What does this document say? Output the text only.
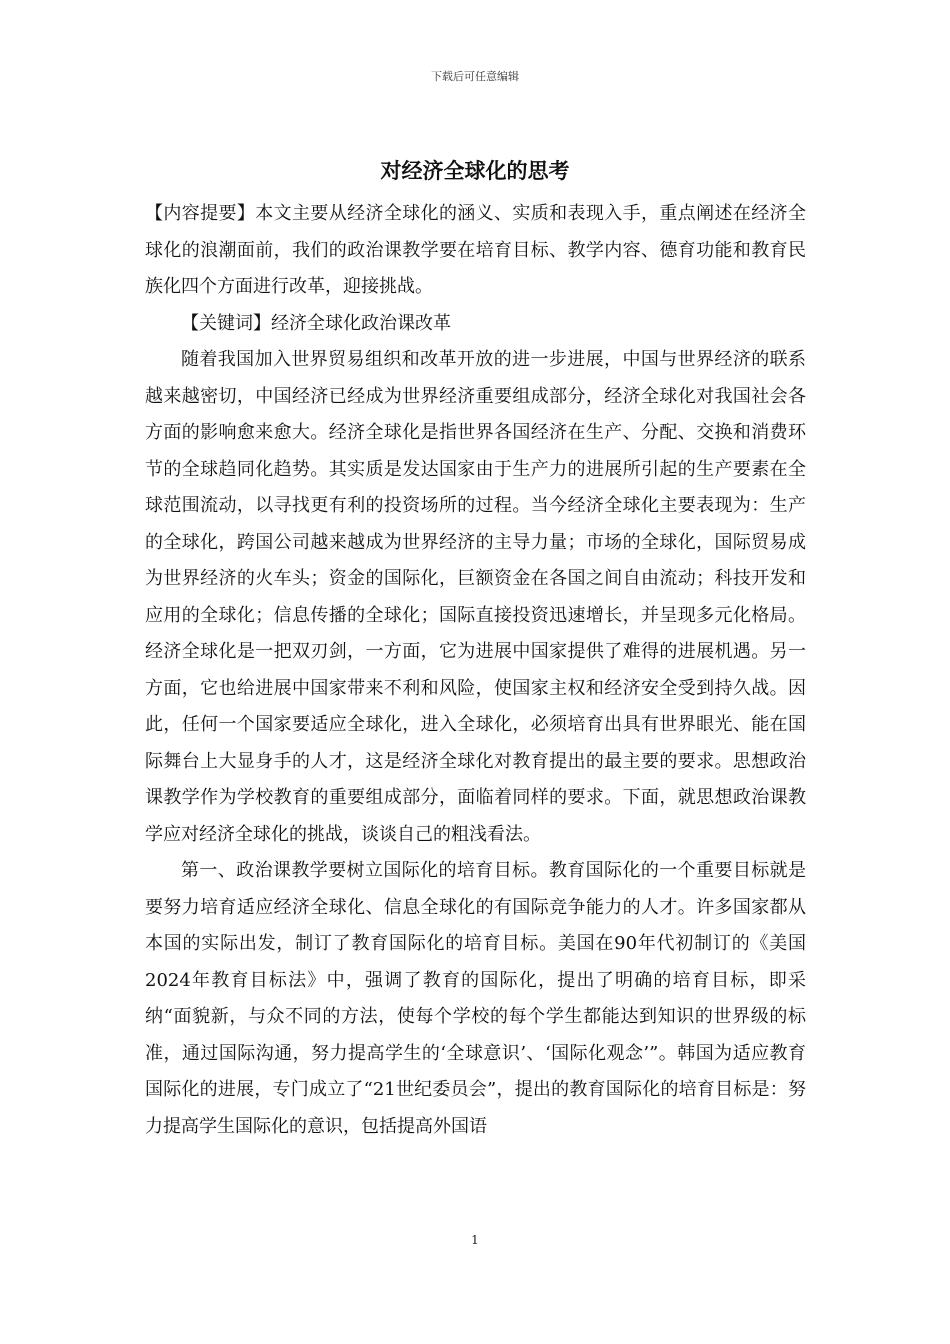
下载后可任意编辑
对经济全球化的思考

【内容提要】本文主要从经济全球化的涵义、实质和表现入手，重点阐述在经济全球化的浪潮面前，我们的政治课教学要在培育目标、教学内容、德育功能和教育民族化四个方面进行改革，迎接挑战。

【关键词】经济全球化政治课改革

随着我国加入世界贸易组织和改革开放的进一步进展，中国与世界经济的联系越来越密切，中国经济已经成为世界经济重要组成部分，经济全球化对我国社会各方面的影响愈来愈大。经济全球化是指世界各国经济在生产、分配、交换和消费环节的全球趋同化趋势。其实质是发达国家由于生产力的进展所引起的生产要素在全球范围流动，以寻找更有利的投资场所的过程。当今经济全球化主要表现为：生产的全球化，跨国公司越来越成为世界经济的主导力量；市场的全球化，国际贸易成为世界经济的火车头；资金的国际化，巨额资金在各国之间自由流动；科技开发和应用的全球化；信息传播的全球化；国际直接投资迅速增长，并呈现多元化格局。经济全球化是一把双刃剑，一方面，它为进展中国家提供了难得的进展机遇。另一方面，它也给进展中国家带来不利和风险，使国家主权和经济安全受到持久战。因此，任何一个国家要适应全球化，进入全球化，必须培育出具有世界眼光、能在国际舞台上大显身手的人才，这是经济全球化对教育提出的最主要的要求。思想政治课教学作为学校教育的重要组成部分，面临着同样的要求。下面，就思想政治课教学应对经济全球化的挑战，谈谈自己的粗浅看法。

第一、政治课教学要树立国际化的培育目标。教育国际化的一个重要目标就是要努力培育适应经济全球化、信息全球化的有国际竞争能力的人才。许多国家都从本国的实际出发，制订了教育国际化的培育目标。美国在90年代初制订的《美国2024年教育目标法》中，强调了教育的国际化，提出了明确的培育目标，即采纳“面貌新，与众不同的方法，使每个学校的每个学生都能达到知识的世界级的标准，通过国际沟通，努力提高学生的‘全球意识’、‘国际化观念’”。韩国为适应教育国际化的进展，专门成立了“21世纪委员会”，提出的教育国际化的培育目标是：努力提高学生国际化的意识，包括提高外国语

1
